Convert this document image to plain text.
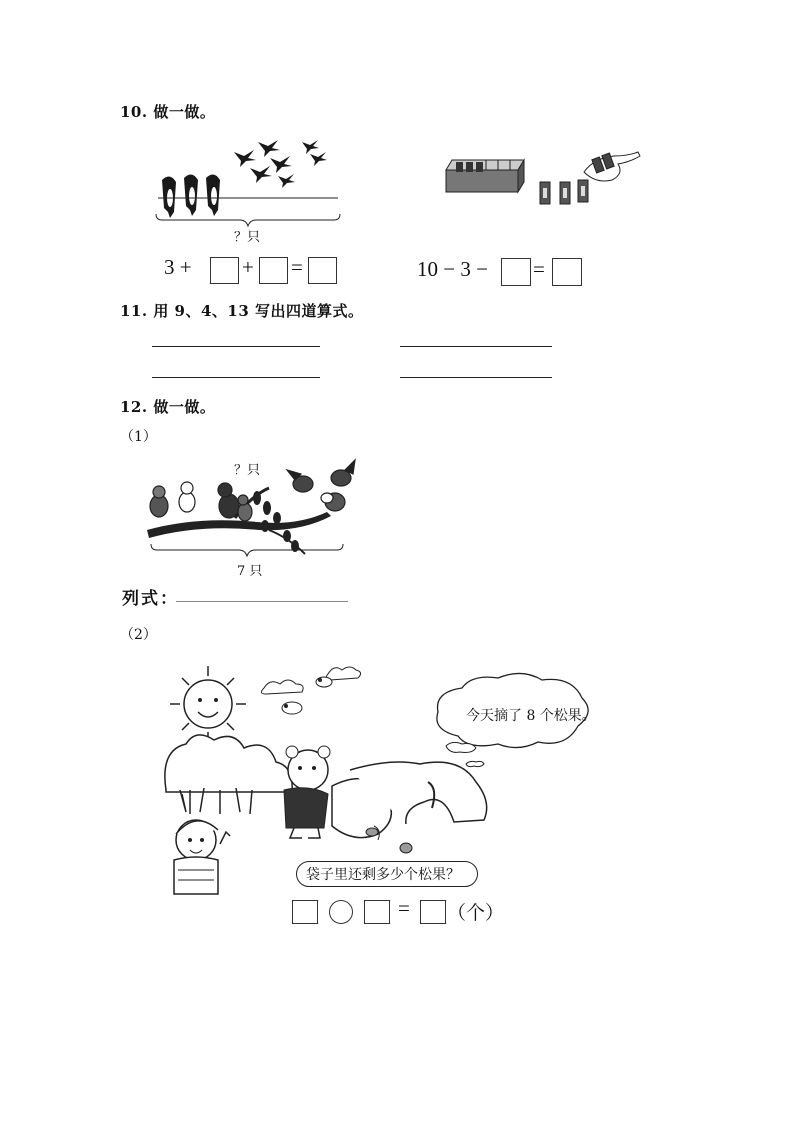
10. 做一做。
？只
3 + + =	10 − 3 − =
11. 用 9、4、13 写出四道算式。
12. 做一做。
（1）
？只
7 只
列式：
（2）
今天摘了 8 个松果。
袋子里还剩多少个松果？
= （个）
